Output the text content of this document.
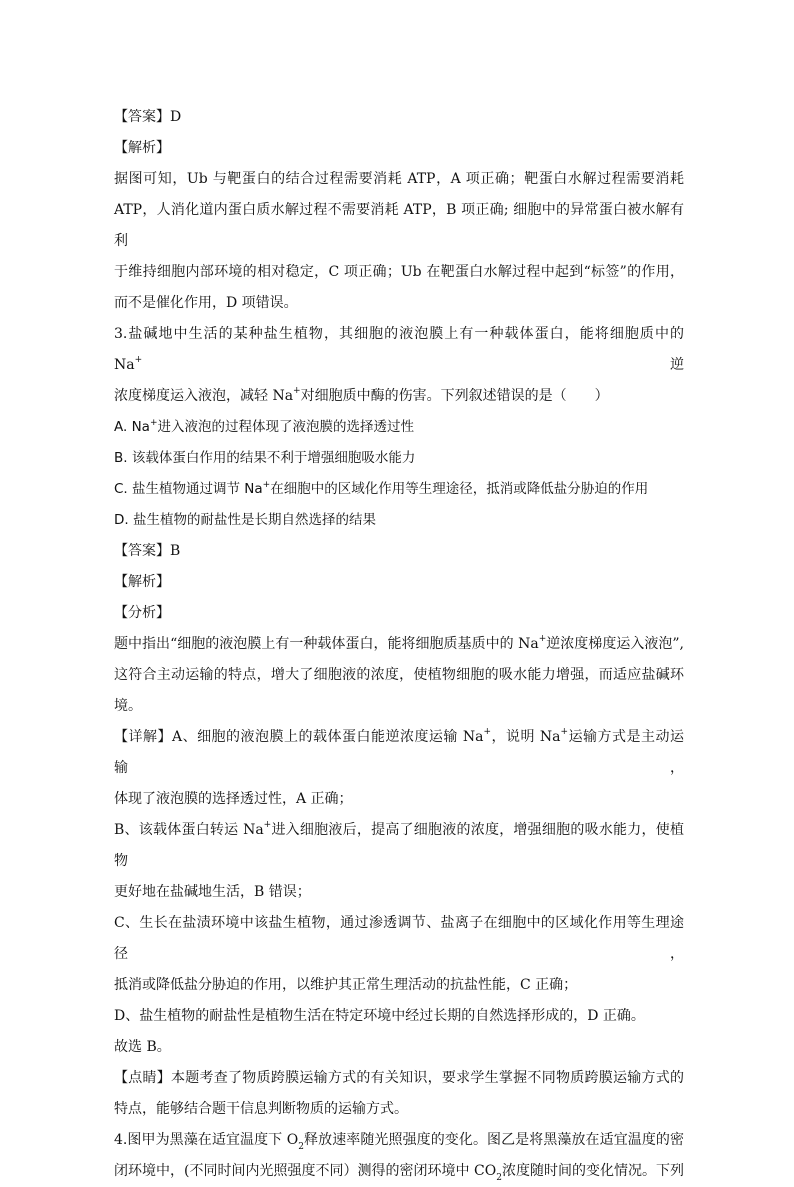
【答案】D

【解析】

据图可知，Ub 与靶蛋白的结合过程需要消耗 ATP，A 项正确；靶蛋白水解过程需要消耗

ATP，人消化道内蛋白质水解过程不需要消耗 ATP，B 项正确; 细胞中的异常蛋白被水解有利

于维持细胞内部环境的相对稳定，C 项正确；Ub 在靶蛋白水解过程中起到“标签”的作用，

而不是催化作用，D 项错误。

3.盐碱地中生活的某种盐生植物，其细胞的液泡膜上有一种载体蛋白，能将细胞质中的 Na+逆

浓度梯度运入液泡，减轻 Na+对细胞质中酶的伤害。下列叙述错误的是（　　）

A. Na+进入液泡的过程体现了液泡膜的选择透过性

B. 该载体蛋白作用的结果不利于增强细胞吸水能力

C. 盐生植物通过调节 Na+在细胞中的区域化作用等生理途径，抵消或降低盐分胁迫的作用

D. 盐生植物的耐盐性是长期自然选择的结果

【答案】B

【解析】

【分析】

题中指出“细胞的液泡膜上有一种载体蛋白，能将细胞质基质中的 Na+逆浓度梯度运入液泡”,

这符合主动运输的特点，增大了细胞液的浓度，使植物细胞的吸水能力增强，而适应盐碱环

境。

【详解】A、细胞的液泡膜上的载体蛋白能逆浓度运输 Na+，说明 Na+运输方式是主动运输，

体现了液泡膜的选择透过性，A 正确；

B、该载体蛋白转运 Na+进入细胞液后，提高了细胞液的浓度，增强细胞的吸水能力，使植物

更好地在盐碱地生活，B 错误；

C、生长在盐渍环境中该盐生植物，通过渗透调节、盐离子在细胞中的区域化作用等生理途径，

抵消或降低盐分胁迫的作用，以维护其正常生理活动的抗盐性能，C 正确；

D、盐生植物的耐盐性是植物生活在特定环境中经过长期的自然选择形成的，D 正确。

故选 B。

【点睛】本题考查了物质跨膜运输方式的有关知识，要求学生掌握不同物质跨膜运输方式的

特点，能够结合题干信息判断物质的运输方式。

4.图甲为黑藻在适宜温度下 $O_2$释放速率随光照强度的变化。图乙是将黑藻放在适宜温度的密

闭环境中，(不同时间内光照强度不同）测得的密闭环境中 $CO_2$浓度随时间的变化情况。下列
